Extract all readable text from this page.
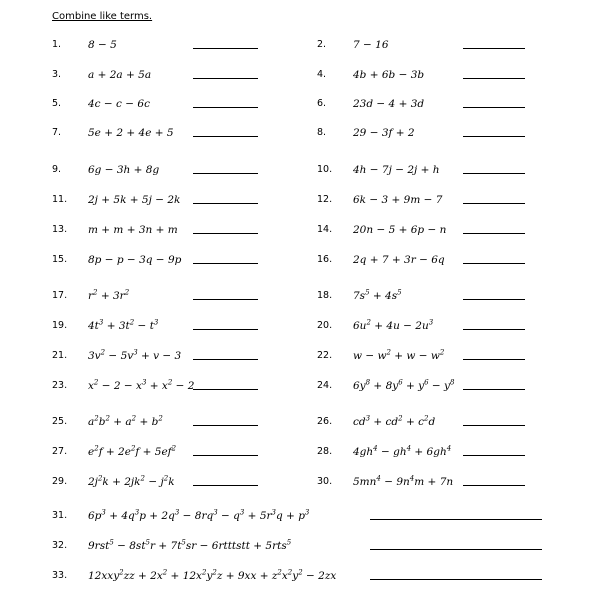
Combine like terms.
1.	8 − 5	2.	7 − 16
3.	a + 2a + 5a	4.	4b + 6b − 3b
5.	4c − c − 6c	6.	23d − 4 + 3d
7.	5e + 2 + 4e + 5	8.	29 − 3f + 2
9.	6g − 3h + 8g	10.	4h − 7j − 2j + h
11.	2j + 5k + 5j − 2k	12.	6k − 3 + 9m − 7
13.	m + m + 3n + m	14.	20n − 5 + 6p − n
15.	8p − p − 3q − 9p	16.	2q + 7 + 3r − 6q
17.	$r^2 + 3r^2$	18.	$7s^5 + 4s^5$
19.	$4t^3 + 3t^2 - t^3$	20.	$6u^2 + 4u - 2u^3$
21.	$3v^2 - 5v^3 + v - 3$	22.	$w - w^2 + w - w^2$
23.	$x^2 - 2 - x^3 + x^2 - 2$	24.	$6y^8 + 8y^6 + y^6 - y^8$
25.	$a^2b^2 + a^2 + b^2$	26.	$cd^3 + cd^2 + c^2d$
27.	$e^2f + 2e^2f + 5ef^2$	28.	$4gh^4 - gh^4 + 6gh^4$
29.	$2j^2k + 2jk^2 - j^2k$	30.	$5mn^4 - 9n^4m + 7n$
31.	$6p^3 + 4q^3p + 2q^3 - 8rq^3 - q^3 + 5r^3q + p^3$
32.	$9rst^5 - 8st^5r + 7t^5sr$ − 6rtttstt + 5rts$^5$
33.	$12xxy^2zz + 2x^2 + 12x^2y^2z + 9xx + z^2x^2y^2 - 2zx$
